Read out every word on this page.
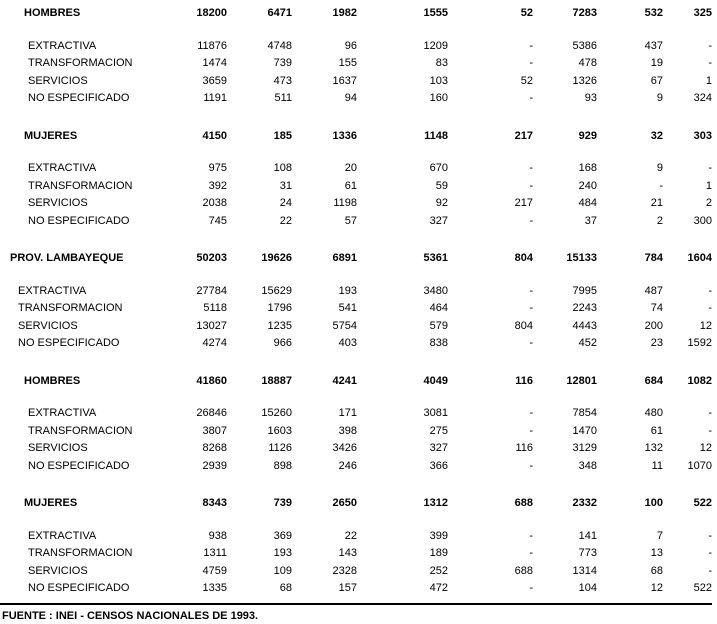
HOMBRES	18200	6471	1982	1555	52	7283	532	325
EXTRACTIVA	11876	4748	96	1209	-	5386	437	-
TRANSFORMACION	1474	739	155	83	-	478	19	-
SERVICIOS	3659	473	1637	103	52	1326	67	1
NO ESPECIFICADO	1191	511	94	160	-	93	9	324
MUJERES	4150	185	1336	1148	217	929	32	303
EXTRACTIVA	975	108	20	670	-	168	9	-
TRANSFORMACION	392	31	61	59	-	240	-	1
SERVICIOS	2038	24	1198	92	217	484	21	2
NO ESPECIFICADO	745	22	57	327	-	37	2	300
PROV. LAMBAYEQUE	50203	19626	6891	5361	804	15133	784	1604
EXTRACTIVA	27784	15629	193	3480	-	7995	487	-
TRANSFORMACION	5118	1796	541	464	-	2243	74	-
SERVICIOS	13027	1235	5754	579	804	4443	200	12
NO ESPECIFICADO	4274	966	403	838	-	452	23	1592
HOMBRES	41860	18887	4241	4049	116	12801	684	1082
EXTRACTIVA	26846	15260	171	3081	-	7854	480	-
TRANSFORMACION	3807	1603	398	275	-	1470	61	-
SERVICIOS	8268	1126	3426	327	116	3129	132	12
NO ESPECIFICADO	2939	898	246	366	-	348	11	1070
MUJERES	8343	739	2650	1312	688	2332	100	522
EXTRACTIVA	938	369	22	399	-	141	7	-
TRANSFORMACION	1311	193	143	189	-	773	13	-
SERVICIOS	4759	109	2328	252	688	1314	68	-
NO ESPECIFICADO	1335	68	157	472	-	104	12	522
FUENTE : INEI - CENSOS NACIONALES DE 1993.
